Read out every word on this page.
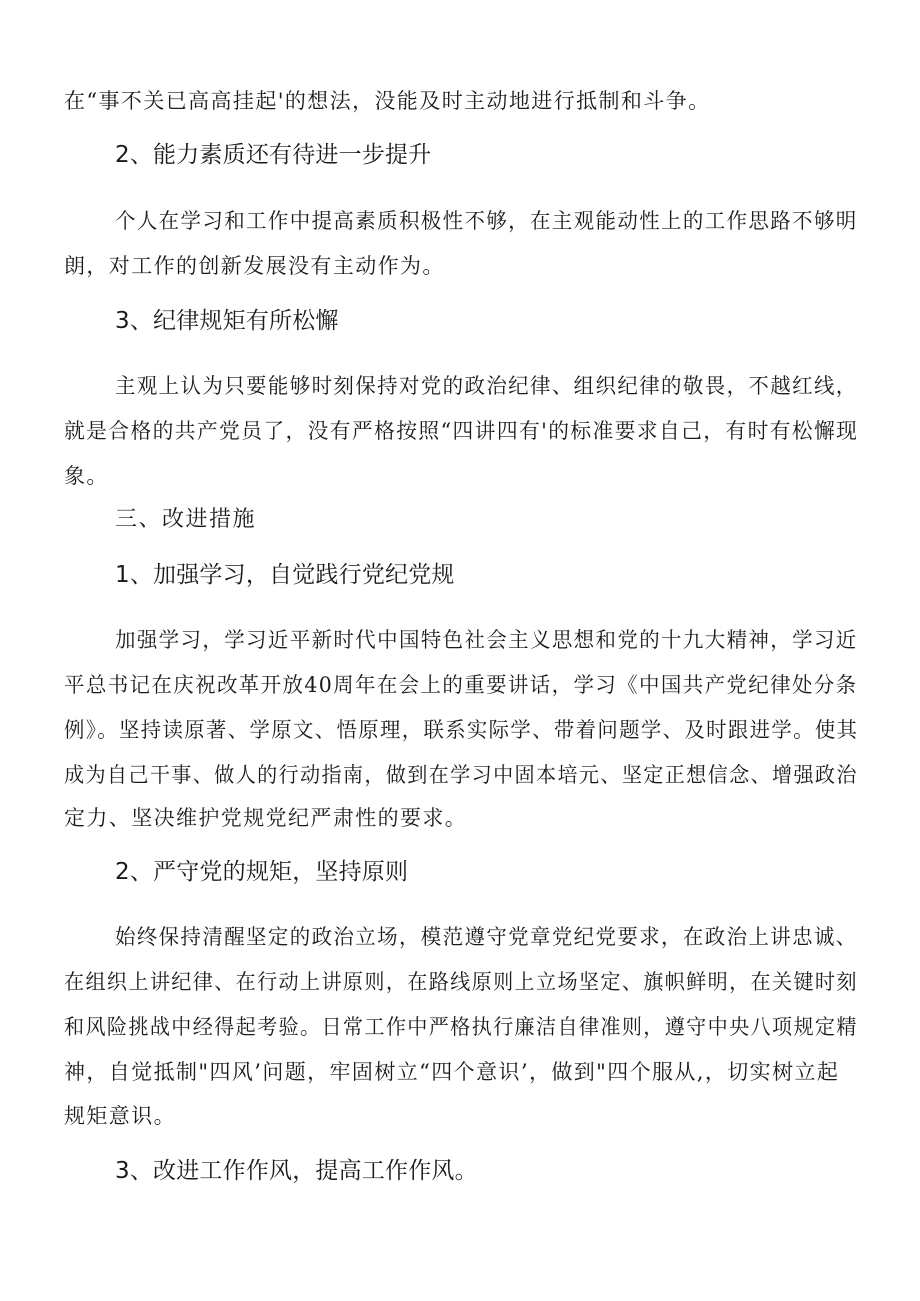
在“事不关已高高挂起'的想法，没能及时主动地进行抵制和斗争。
2、能力素质还有待进一步提升
个人在学习和工作中提高素质积极性不够，在主观能动性上的工作思路不够明
朗，对工作的创新发展没有主动作为。
3、纪律规矩有所松懈
主观上认为只要能够时刻保持对党的政治纪律、组织纪律的敬畏，不越红线，
就是合格的共产党员了，没有严格按照“四讲四有'的标准要求自己，有时有松懈现
象。
三、改进措施
1、加强学习，自觉践行党纪党规
加强学习，学习近平新时代中国特色社会主义思想和党的十九大精神，学习近
平总书记在庆祝改革开放40周年在会上的重要讲话，学习《中国共产党纪律处分条
例》。坚持读原著、学原文、悟原理，联系实际学、带着问题学、及时跟进学。使其
成为自己干事、做人的行动指南，做到在学习中固本培元、坚定正想信念、增强政治
定力、坚决维护党规党纪严肃性的要求。
2、严守党的规矩，坚持原则
始终保持清醒坚定的政治立场，模范遵守党章党纪党要求，在政治上讲忠诚、
在组织上讲纪律、在行动上讲原则，在路线原则上立场坚定、旗帜鲜明，在关键时刻
和风险挑战中经得起考验。日常工作中严格执行廉洁自律准则，遵守中央八项规定精
神，自觉抵制"四风’问题，牢固树立“四个意识’，做到"四个服从,，切实树立起
规矩意识。
3、改进工作作风，提高工作作风。
